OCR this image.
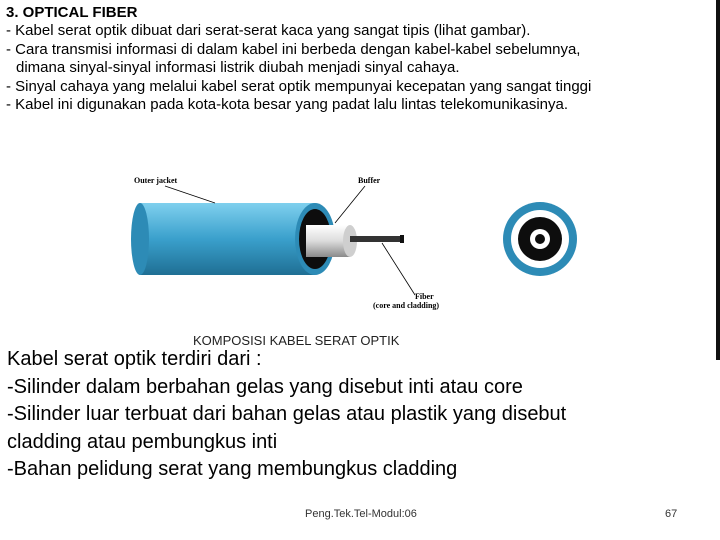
3. OPTICAL FIBER
- Kabel serat optik dibuat dari serat-serat kaca yang sangat tipis (lihat gambar).
- Cara transmisi informasi di dalam kabel ini berbeda dengan kabel-kabel sebelumnya,
dimana sinyal-sinyal informasi listrik diubah menjadi sinyal cahaya.
- Sinyal cahaya yang melalui kabel serat optik mempunyai kecepatan yang sangat tinggi
- Kabel ini digunakan pada kota-kota besar yang padat lalu lintas telekomunikasinya.
Outer jacket	Buffer
Fiber
(core and cladding)
KOMPOSISI KABEL SERAT OPTIK
Kabel serat optik terdiri dari :
-Silinder dalam berbahan gelas yang disebut inti atau core
-Silinder luar terbuat dari bahan gelas atau plastik yang disebut
cladding atau pembungkus inti
-Bahan pelidung serat yang membungkus cladding
Peng.Tek.Tel-Modul:06	67
